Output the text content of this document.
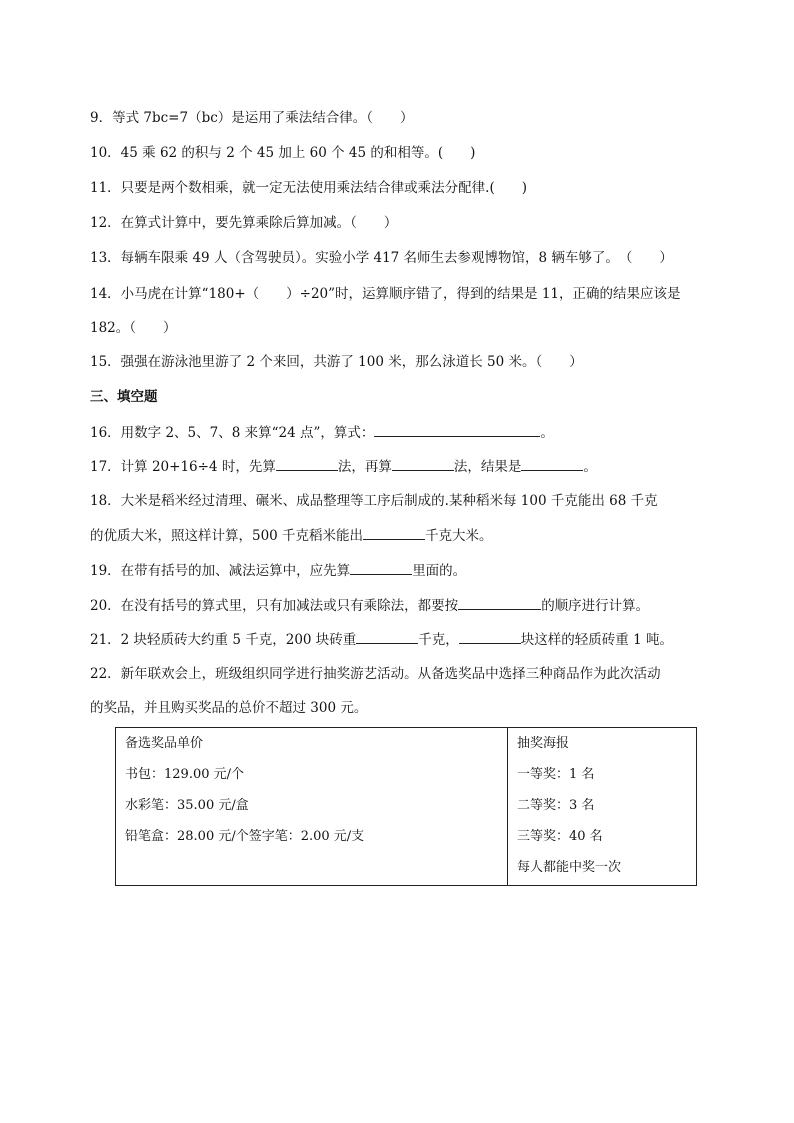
9．等式 7bc=7（bc）是运用了乘法结合律。（　　）
10．45 乘 62 的积与 2 个 45 加上 60 个 45 的和相等。(　　)
11．只要是两个数相乘，就一定无法使用乘法结合律或乘法分配律.(　　)
12．在算式计算中，要先算乘除后算加减。（　　）
13．每辆车限乘 49 人（含驾驶员）。实验小学 417 名师生去参观博物馆，8 辆车够了。　（　　）
14．小马虎在计算“180+（　　）÷20”时，运算顺序错了，得到的结果是 11，正确的结果应该是
182。（　　）
15．强强在游泳池里游了 2 个来回，共游了 100 米，那么泳道长 50 米。（　　）
三、填空题
16．用数字 2、5、7、8 来算“24 点”，算式：	。
17．计算 20+16÷4 时，先算	法，再算	法，结果是	。
18．大米是稻米经过清理、碾米、成品整理等工序后制成的.某种稻米每 100 千克能出 68 千克
的优质大米，照这样计算，500 千克稻米能出	千克大米。
19．在带有括号的加、减法运算中，应先算	里面的。
20．在没有括号的算式里，只有加减法或只有乘除法，都要按	的顺序进行计算。
21．2 块轻质砖大约重 5 千克，200 块砖重	千克，	块这样的轻质砖重 1 吨。
22．新年联欢会上，班级组织同学进行抽奖游艺活动。从备选奖品中选择三种商品作为此次活动
的奖品，并且购买奖品的总价不超过 300 元。
备选奖品单价
书包：129.00 元/个
水彩笔：35.00 元/盒
铅笔盒：28.00 元/个签字笔：2.00 元/支

抽奖海报
一等奖：1 名
二等奖：3 名
三等奖：40 名
每人都能中奖一次
